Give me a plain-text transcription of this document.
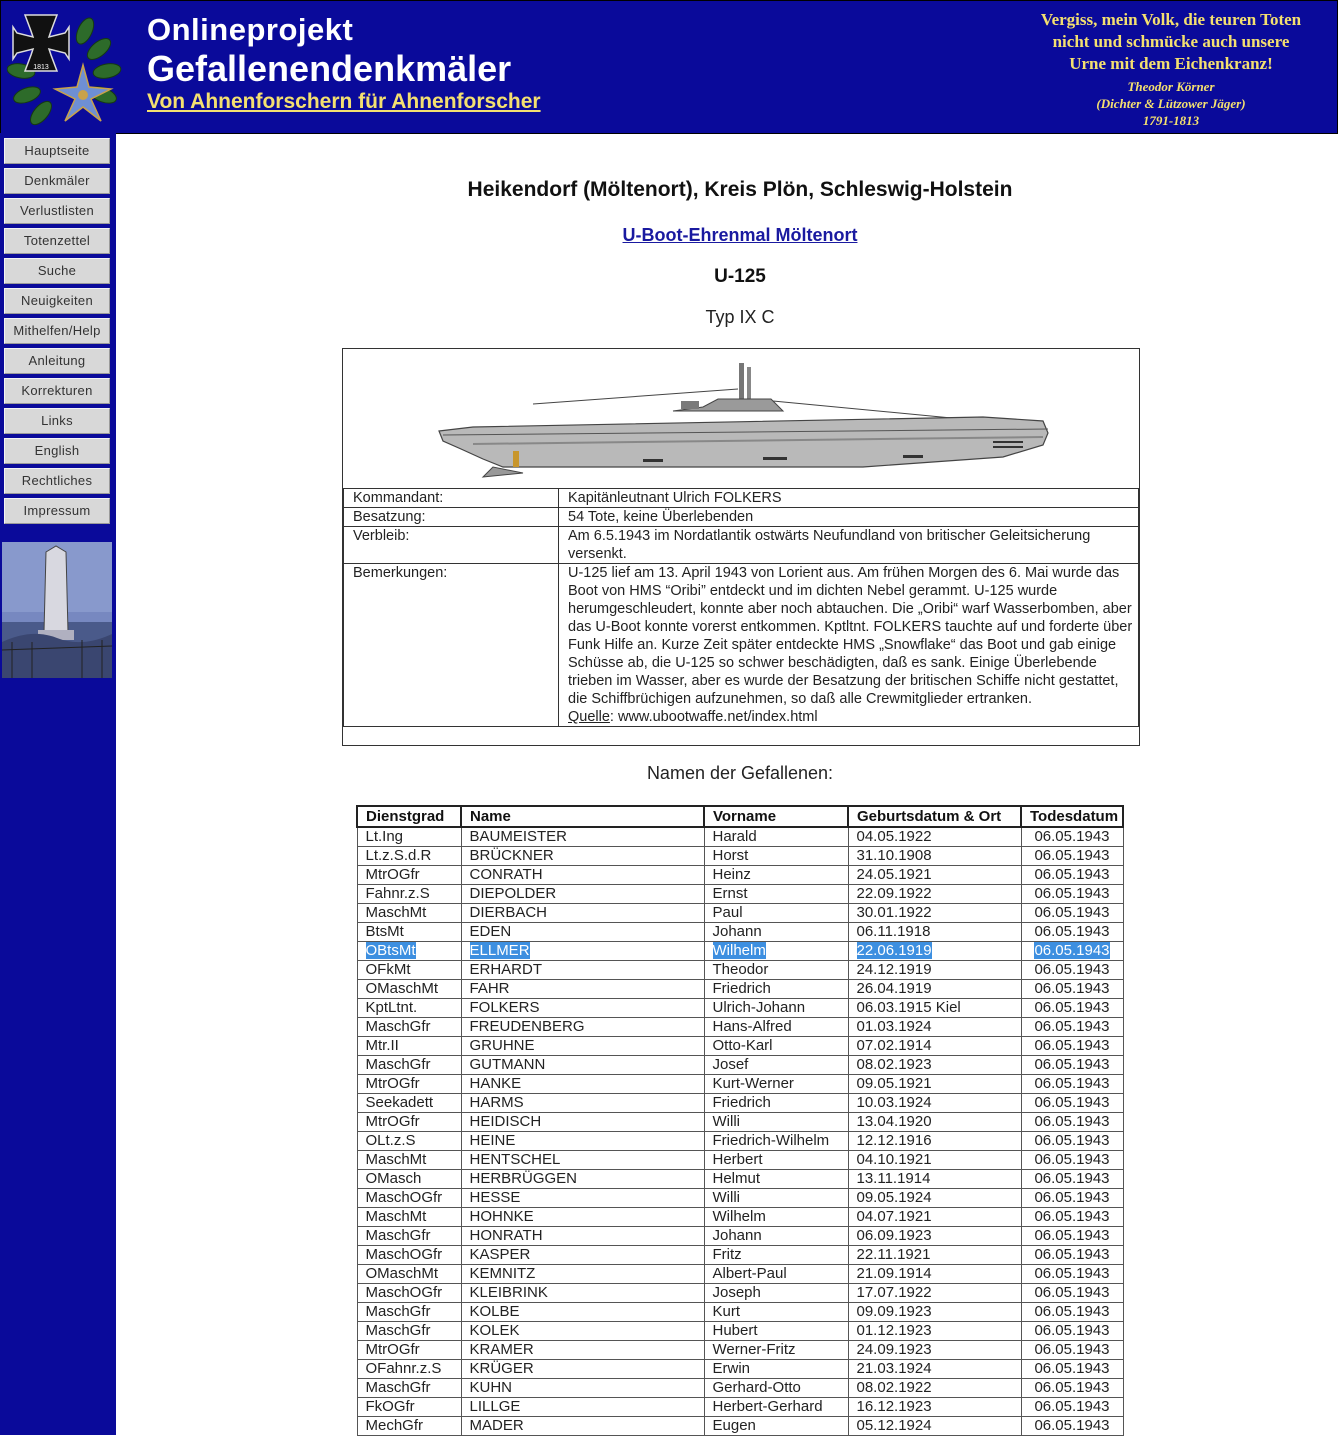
1813
Onlineprojekt
Gefallenendenkmäler
Von Ahnenforschern für Ahnenforscher
Vergiss, mein Volk, die teuren Toten
nicht und schmücke auch unsere
Urne mit dem Eichenkranz!
Theodor Körner
(Dichter & Lützower Jäger)
1791-1813
Hauptseite
Denkmäler
Verlustlisten
Totenzettel
Suche
Neuigkeiten
Mithelfen/Help
Anleitung
Korrekturen
Links
English
Rechtliches
Impressum
Heikendorf (Möltenort), Kreis Plön, Schleswig-Holstein
U-Boot-Ehrenmal Möltenort
U-125
Typ IX C
Kommandant:	Kapitänleutnant Ulrich FOLKERS
Besatzung:	54 Tote, keine Überlebenden
Verbleib:	Am 6.5.1943 im Nordatlantik ostwärts Neufundland von britischer Geleitsicherung versenkt.
Bemerkungen:	U-125 lief am 13. April 1943 von Lorient aus. Am frühen Morgen des 6. Mai wurde das Boot von HMS “Oribi” entdeckt und im dichten Nebel gerammt. U-125 wurde herumgeschleudert, konnte aber noch abtauchen. Die „Oribi“ warf Wasserbomben, aber das U-Boot konnte vorerst entkommen. Kptltnt. FOLKERS tauchte auf und forderte über Funk Hilfe an. Kurze Zeit später entdeckte HMS „Snowflake“ das Boot und gab einige Schüsse ab, die U-125 so schwer beschädigten, daß es sank. Einige Überlebende trieben im Wasser, aber es wurde der Besatzung der britischen Schiffe nicht gestattet, die Schiffbrüchigen aufzunehmen, so daß alle Crewmitglieder ertranken.
Quelle: www.ubootwaffe.net/index.html
Namen der Gefallenen:
Dienstgrad	Name	Vorname	Geburtsdatum & Ort	Todesdatum
Lt.Ing	BAUMEISTER	Harald	04.05.1922	06.05.1943
Lt.z.S.d.R	BRÜCKNER	Horst	31.10.1908	06.05.1943
MtrOGfr	CONRATH	Heinz	24.05.1921	06.05.1943
Fahnr.z.S	DIEPOLDER	Ernst	22.09.1922	06.05.1943
MaschMt	DIERBACH	Paul	30.01.1922	06.05.1943
BtsMt	EDEN	Johann	06.11.1918	06.05.1943
OBtsMt	ELLMER	Wilhelm	22.06.1919	06.05.1943
OFkMt	ERHARDT	Theodor	24.12.1919	06.05.1943
OMaschMt	FAHR	Friedrich	26.04.1919	06.05.1943
KptLtnt.	FOLKERS	Ulrich-Johann	06.03.1915 Kiel	06.05.1943
MaschGfr	FREUDENBERG	Hans-Alfred	01.03.1924	06.05.1943
Mtr.II	GRUHNE	Otto-Karl	07.02.1914	06.05.1943
MaschGfr	GUTMANN	Josef	08.02.1923	06.05.1943
MtrOGfr	HANKE	Kurt-Werner	09.05.1921	06.05.1943
Seekadett	HARMS	Friedrich	10.03.1924	06.05.1943
MtrOGfr	HEIDISCH	Willi	13.04.1920	06.05.1943
OLt.z.S	HEINE	Friedrich-Wilhelm	12.12.1916	06.05.1943
MaschMt	HENTSCHEL	Herbert	04.10.1921	06.05.1943
OMasch	HERBRÜGGEN	Helmut	13.11.1914	06.05.1943
MaschOGfr	HESSE	Willi	09.05.1924	06.05.1943
MaschMt	HOHNKE	Wilhelm	04.07.1921	06.05.1943
MaschGfr	HONRATH	Johann	06.09.1923	06.05.1943
MaschOGfr	KASPER	Fritz	22.11.1921	06.05.1943
OMaschMt	KEMNITZ	Albert-Paul	21.09.1914	06.05.1943
MaschOGfr	KLEIBRINK	Joseph	17.07.1922	06.05.1943
MaschGfr	KOLBE	Kurt	09.09.1923	06.05.1943
MaschGfr	KOLEK	Hubert	01.12.1923	06.05.1943
MtrOGfr	KRAMER	Werner-Fritz	24.09.1923	06.05.1943
OFahnr.z.S	KRÜGER	Erwin	21.03.1924	06.05.1943
MaschGfr	KUHN	Gerhard-Otto	08.02.1922	06.05.1943
FkOGfr	LILLGE	Herbert-Gerhard	16.12.1923	06.05.1943
MechGfr	MADER	Eugen	05.12.1924	06.05.1943
